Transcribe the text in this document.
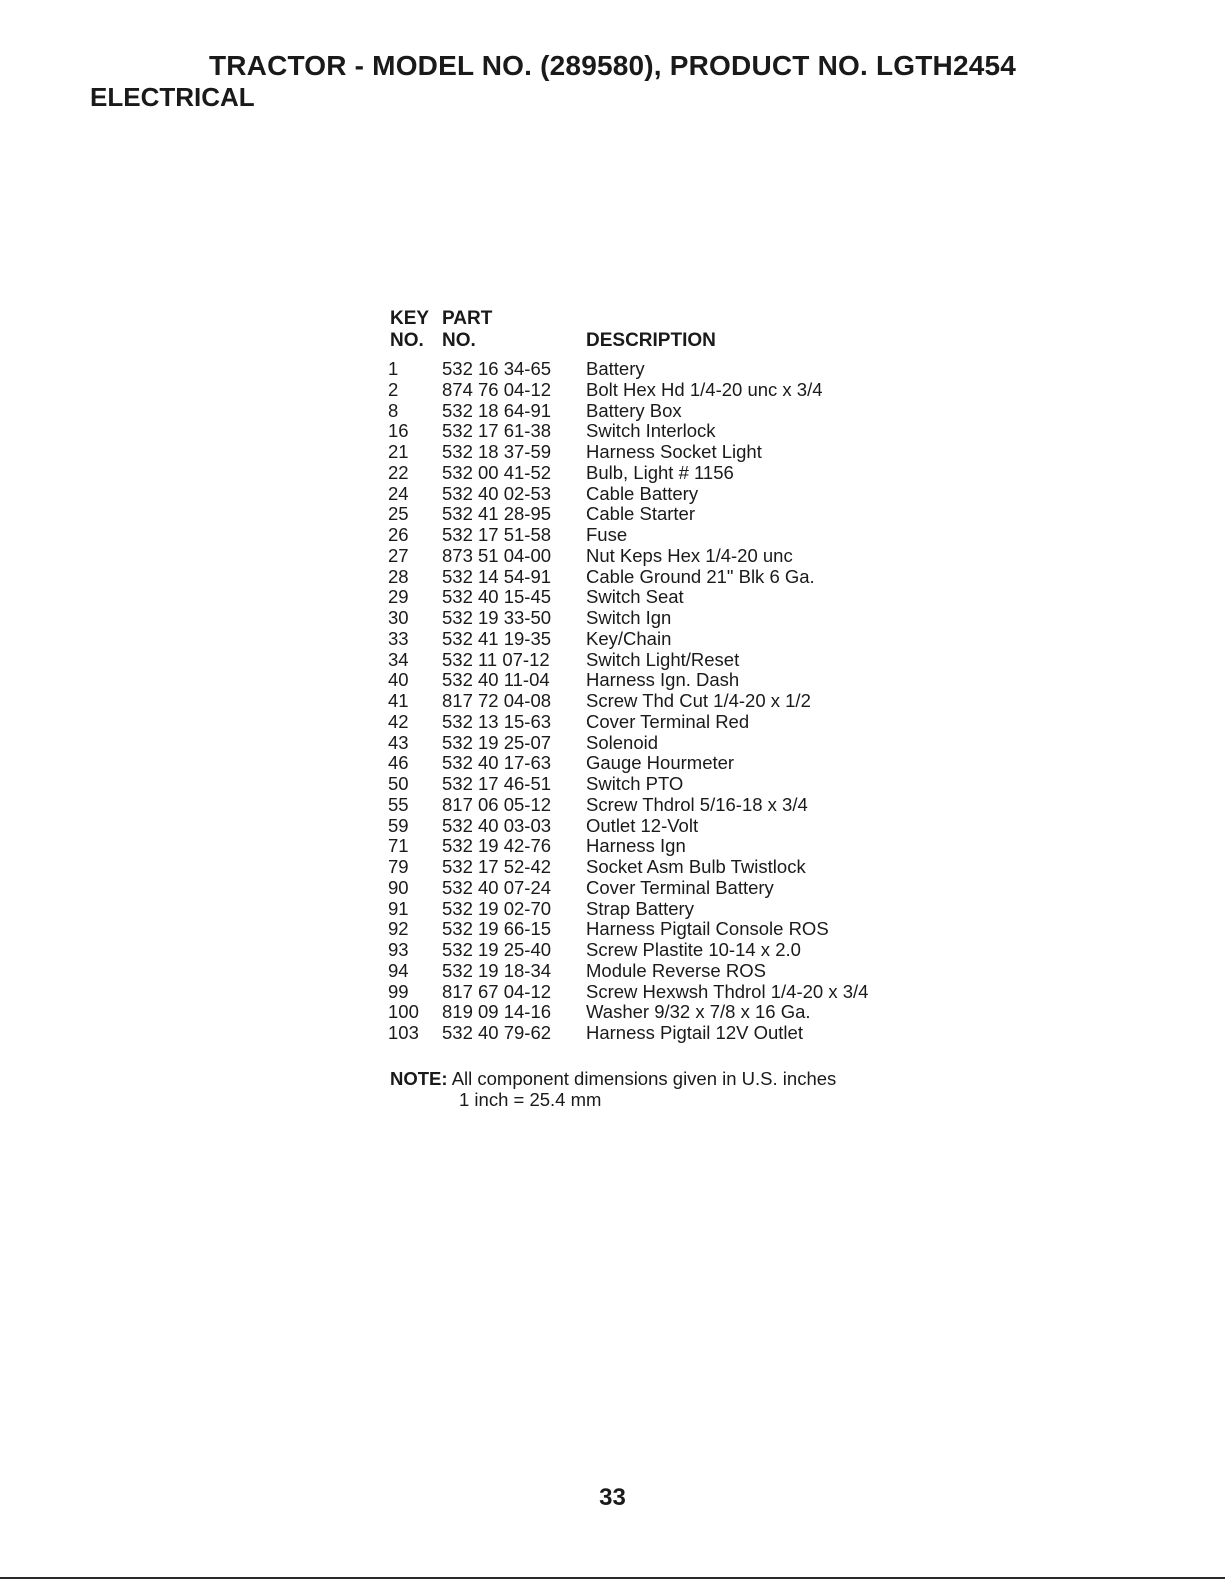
TRACTOR - MODEL NO. (289580), PRODUCT NO. LGTH2454
ELECTRICAL
KEY PART
NO. NO.	DESCRIPTION
1 532 16 34-65 Battery
2 874 76 04-12 Bolt Hex Hd 1/4-20 unc x 3/4
8 532 18 64-91 Battery Box
16 532 17 61-38 Switch Interlock
21 532 18 37-59 Harness Socket Light
22 532 00 41-52 Bulb, Light # 1156
24 532 40 02-53 Cable Battery
25 532 41 28-95 Cable Starter
26 532 17 51-58 Fuse
27 873 51 04-00 Nut Keps Hex 1/4-20 unc
28 532 14 54-91 Cable Ground 21" Blk 6 Ga.
29 532 40 15-45 Switch Seat
30 532 19 33-50 Switch Ign
33 532 41 19-35 Key/Chain
34 532 11 07-12 Switch Light/Reset
40 532 40 11-04 Harness Ign. Dash
41 817 72 04-08 Screw Thd Cut 1/4-20 x 1/2
42 532 13 15-63 Cover Terminal Red
43 532 19 25-07 Solenoid
46 532 40 17-63 Gauge Hourmeter
50 532 17 46-51 Switch PTO
55 817 06 05-12 Screw Thdrol 5/16-18 x 3/4
59 532 40 03-03 Outlet 12-Volt
71 532 19 42-76 Harness Ign
79 532 17 52-42 Socket Asm Bulb Twistlock
90 532 40 07-24 Cover Terminal Battery
91 532 19 02-70 Strap Battery
92 532 19 66-15 Harness Pigtail Console ROS
93 532 19 25-40 Screw Plastite 10-14 x 2.0
94 532 19 18-34 Module Reverse ROS
99 817 67 04-12 Screw Hexwsh Thdrol 1/4-20 x 3/4
100 819 09 14-16 Washer 9/32 x 7/8 x 16 Ga.
103 532 40 79-62 Harness Pigtail 12V Outlet
NOTE: All component dimensions given in U.S. inches
1 inch = 25.4 mm
33
